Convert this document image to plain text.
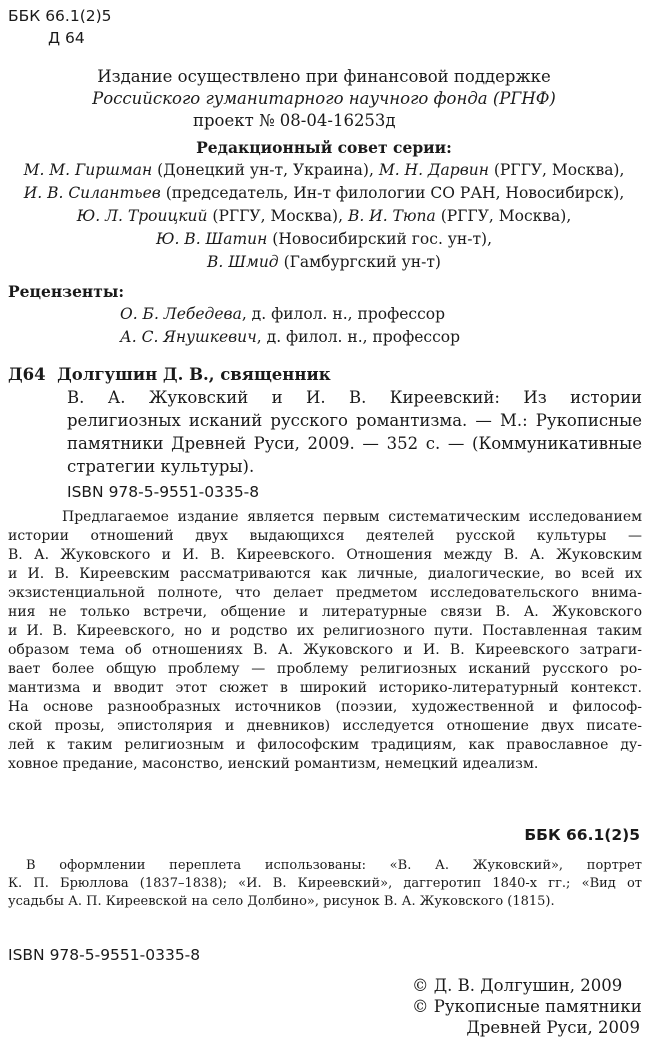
ББК 66.1(2)5
Д 64
Издание осуществлено при финансовой поддержке
Российского гуманитарного научного фонда (РГНФ)
проект № 08-04-16253д
Редакционный совет серии:
М. М. Гиршман (Донецкий ун-т, Украина), М. Н. Дарвин (РГГУ, Москва),
И. В. Силантьев (председатель, Ин-т филологии СО РАН, Новосибирск),
Ю. Л. Троицкий (РГГУ, Москва), В. И. Тюпа (РГГУ, Москва),
Ю. В. Шатин (Новосибирский гос. ун-т),
В. Шмид (Гамбургский ун-т)
Рецензенты:
О. Б. Лебедева, д. филол. н., профессор
А. С. Янушкевич, д. филол. н., профессор
Д64 Долгушин Д. В., священник
В. А. Жуковский и И. В. Киреевский: Из истории
религиозных исканий русского романтизма. — М.: Рукописные
памятники Древней Руси, 2009. — 352 с. — (Коммуникативные
стратегии культуры).
ISBN 978-5-9551-0335-8
Предлагаемое издание является первым систематическим исследованием
истории отношений двух выдающихся деятелей русской культуры —
В. А. Жуковского и И. В. Киреевского. Отношения между В. А. Жуковским
и И. В. Киреевским рассматриваются как личные, диалогические, во всей их
экзистенциальной полноте, что делает предметом исследовательского внима-
ния не только встречи, общение и литературные связи В. А. Жуковского
и И. В. Киреевского, но и родство их религиозного пути. Поставленная таким
образом тема об отношениях В. А. Жуковского и И. В. Киреевского затраги-
вает более общую проблему — проблему религиозных исканий русского ро-
мантизма и вводит этот сюжет в широкий историко-литературный контекст.
На основе разнообразных источников (поэзии, художественной и философ-
ской прозы, эпистолярия и дневников) исследуется отношение двух писате-
лей к таким религиозным и философским традициям, как православное ду-
ховное предание, масонство, иенский романтизм, немецкий идеализм.
ББК 66.1(2)5
В оформлении переплета использованы: «В. А. Жуковский», портрет
К. П. Брюллова (1837–1838); «И. В. Киреевский», даггеротип 1840-х гг.; «Вид от
усадьбы А. П. Киреевской на село Долбино», рисунок В. А. Жуковского (1815).
ISBN 978-5-9551-0335-8
© Д. В. Долгушин, 2009
© Рукописные памятники
Древней Руси, 2009
